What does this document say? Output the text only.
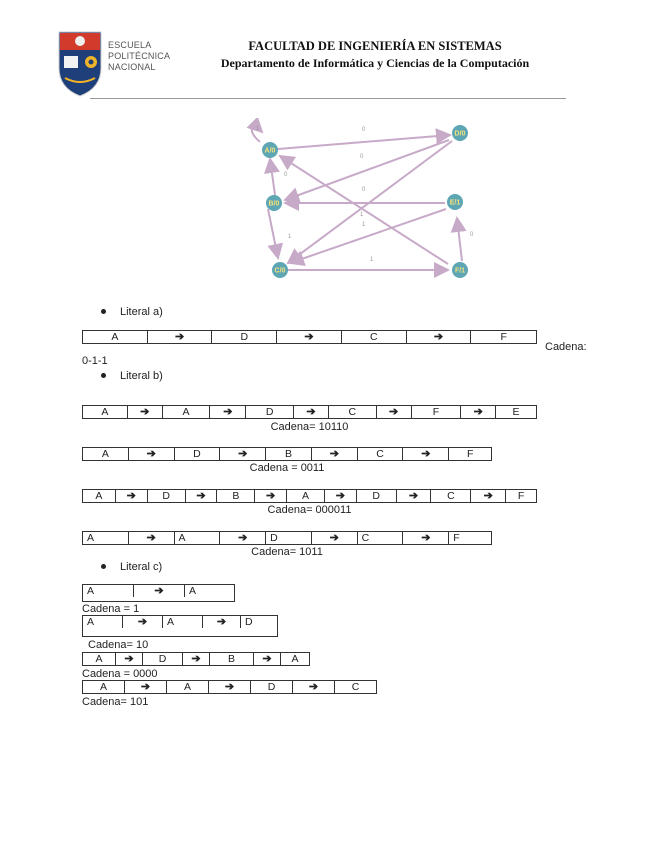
ESCUELA
POLITÉCNICA
NACIONAL
FACULTAD DE INGENIERÍA EN SISTEMAS
Departamento de Informática y Ciencias de la Computación
1	0
0
0
0
1
1
1
1
0
A/0
D/0
B/0	E/1
C/0	F/1
Literal a)
A	➔	D	➔	C	➔	F
Cadena:
0-1-1
Literal b)
A	➔	A	➔	D	➔	C	➔	F	➔	E
Cadena= 10110
A	➔	D	➔	B	➔	C	➔	F
Cadena = 0011
A	➔	D	➔	B	➔	A	➔	D	➔	C	➔	F
Cadena= 000011
A	➔	A	➔	D	➔	C	➔	F
Cadena= 1011
Literal c)
A	➔	A
Cadena = 1
A	➔	A	➔	D
Cadena= 10
A	➔	D	➔	B	➔	A
Cadena = 0000
A	➔	A	➔	D	➔	C
Cadena= 101
